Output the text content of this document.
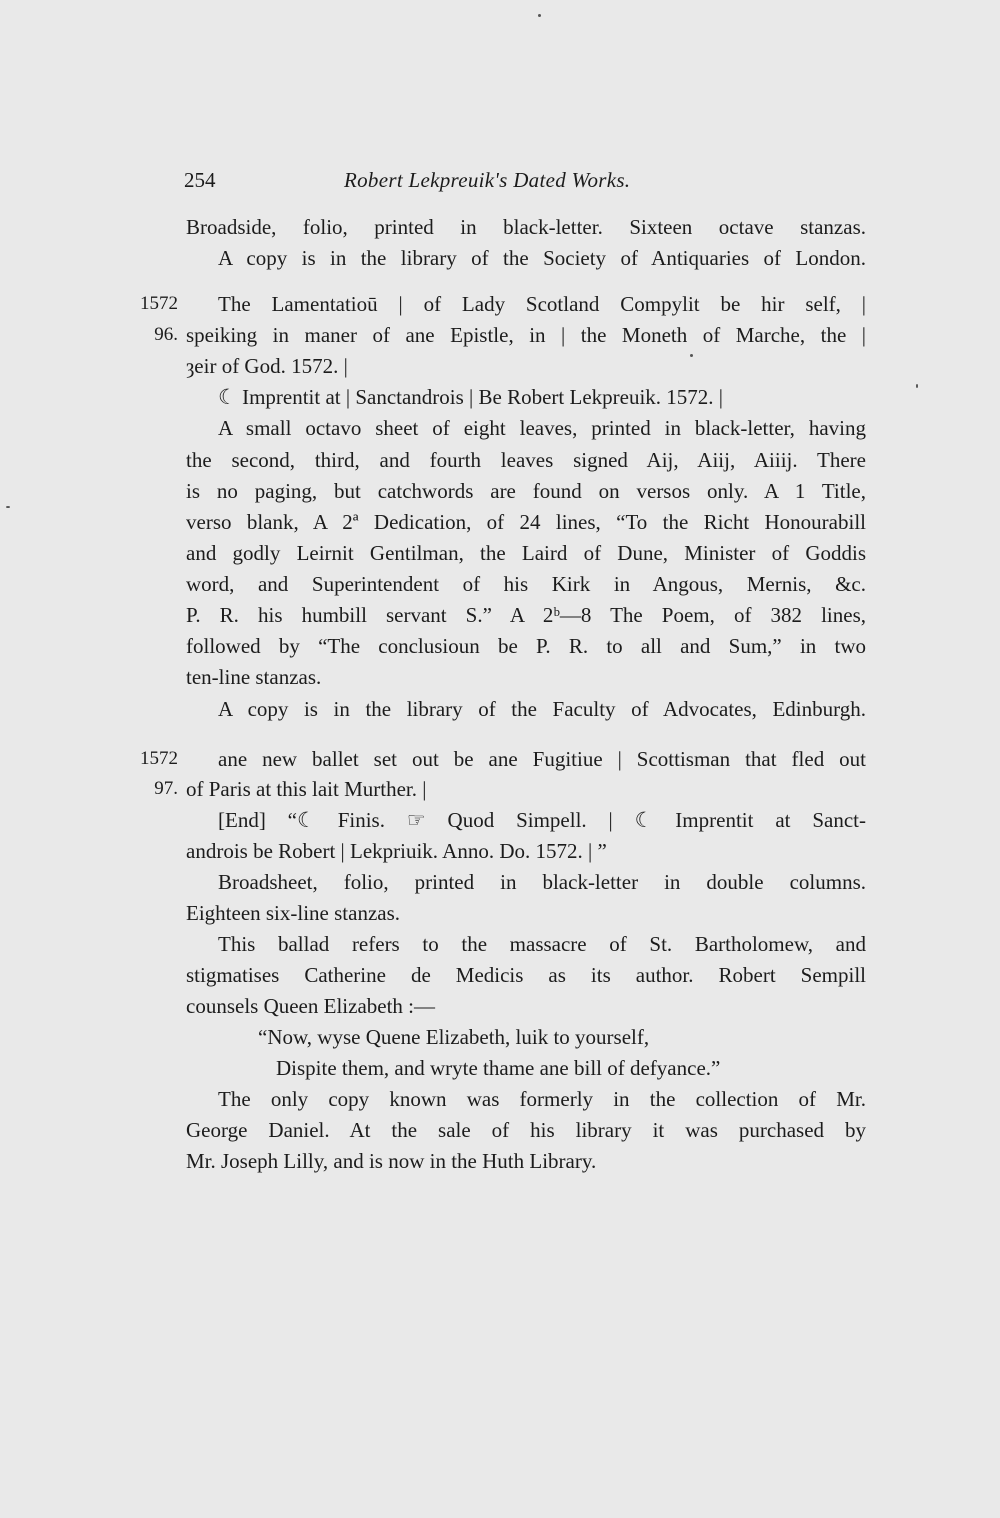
254	Robert Lekpreuik's Dated Works.
1572
96.
1572
97.
Broadside, folio, printed in black-letter. Sixteen octave stanzas.
A copy is in the library of the Society of Antiquaries of London.
The Lamentatioū | of Lady Scotland Compylit be hir self, |
speiking in maner of ane Epistle, in | the Moneth of Marche, the |
ȝeir of God. 1572. |
☾ Imprentit at | Sanctandrois | Be Robert Lekpreuik. 1572. |
A small octavo sheet of eight leaves, printed in black-letter, having
the second, third, and fourth leaves signed Aij, Aiij, Aiiij. There
is no paging, but catchwords are found on versos only. A 1 Title,
verso blank, A 2ª Dedication, of 24 lines, “To the Richt Honourabill
and godly Leirnit Gentilman, the Laird of Dune, Minister of Goddis
word, and Superintendent of his Kirk in Angous, Mernis, &c.
P. R. his humbill servant S.” A 2ᵇ—8 The Poem, of 382 lines,
followed by “The conclusioun be P. R. to all and Sum,” in two
ten-line stanzas.
A copy is in the library of the Faculty of Advocates, Edinburgh.
ane new ballet set out be ane Fugitiue | Scottisman that fled out
of Paris at this lait Murther. |
[End] “☾ Finis. ☞ Quod Simpell. | ☾ Imprentit at Sanct-
androis be Robert | Lekpriuik. Anno. Do. 1572. | ”
Broadsheet, folio, printed in black-letter in double columns.
Eighteen six-line stanzas.
This ballad refers to the massacre of St. Bartholomew, and
stigmatises Catherine de Medicis as its author. Robert Sempill
counsels Queen Elizabeth :—
“Now, wyse Quene Elizabeth, luik to yourself,
Dispite them, and wryte thame ane bill of defyance.”
The only copy known was formerly in the collection of Mr.
George Daniel. At the sale of his library it was purchased by
Mr. Joseph Lilly, and is now in the Huth Library.
